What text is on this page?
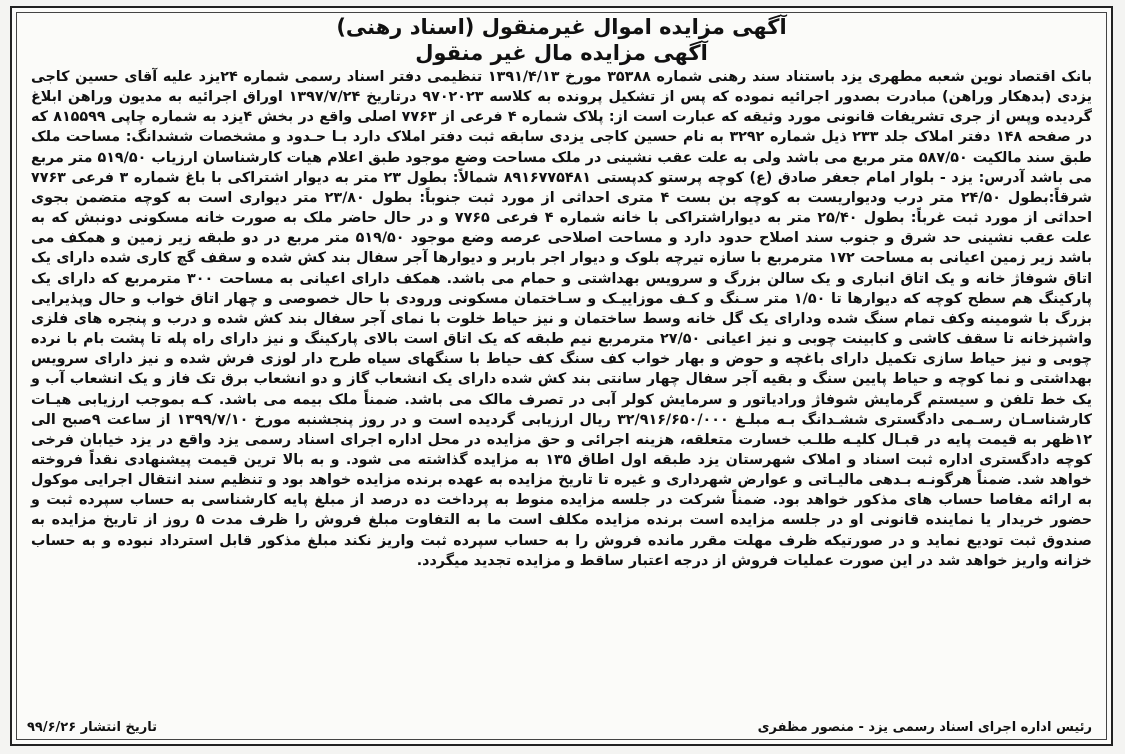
آگهی مزایده اموال غیرمنقول (اسناد رهنی)
آگهی مزایده مال غیر منقول

بانک اقتصاد نوین شعبه مطهری یزد باستناد سند رهنی شماره ۳۵۳۸۸ مورخ ۱۳۹۱/۴/۱۳ تنظیمی دفتر اسناد رسمی شماره ۲۴یزد علیه آقای حسین کاجی یزدی (بدهکار وراهن) مبادرت بصدور اجرائیه نموده که پس از تشکیل پرونده به کلاسه ۹۷۰۲۰۲۳ درتاریخ ۱۳۹۷/۷/۲۴ اوراق اجرائیه به مدیون وراهن ابلاغ گردیده وپس از جری تشریفات قانونی مورد وثیقه که عبارت است از: پلاک شماره ۴ فرعی از ۷۷۶۳ اصلی واقع در بخش ۴یزد به شماره چاپی ۸۱۵۵۹۹ که در صفحه ۱۴۸ دفتر املاک جلد ۲۳۳ ذیل شماره ۳۲۹۲ به نام حسین کاجی یزدی سابقه ثبت دفتر املاک دارد بـا حـدود و مشخصات ششدانگ: مساحت ملک طبق سند مالکیت ۵۸۷/۵۰ متر مربع می باشد ولی به علت عقب نشینی در ملک مساحت وضع موجود طبق اعلام هیات کارشناسان ارزیاب ۵۱۹/۵۰ متر مربع می باشد آدرس: یزد - بلوار امام جعفر صادق (ع) کوچه پرستو کدپستی ۸۹۱۶۷۷۵۴۸۱ شمالاً: بطول ۲۳ متر به دیوار اشتراکی با باغ شماره ۳ فرعی ۷۷۶۳ شرقاً:بطول ۲۴/۵۰ متر درب ودیواریست به کوچه بن بست ۴ متری احداثی از مورد ثبت جنوباً: بطول ۲۳/۸۰ متر دیواری است به کوچه متضمن بجوی احداثی از مورد ثبت غرباً: بطول ۲۵/۴۰ متر به دیواراشتراکی با خانه شماره ۴ فرعی ۷۷۶۵ و در حال حاضر ملک به صورت خانه مسکونی دونبش که به علت عقب نشینی حد شرق و جنوب سند اصلاح حدود دارد و مساحت اصلاحی عرصه وضع موجود ۵۱۹/۵۰ متر مربع در دو طبقه زیر زمین و همکف می باشد زیر زمین اعیانی به مساحت ۱۷۲ مترمربع با سازه تیرچه بلوک و دیوار اجر باربر و دیوارها آجر سفال بند کش شده و سقف گچ کاری شده دارای یک اتاق شوفاژ خانه و یک اتاق انباری و یک سالن بزرگ و سرویس بهداشتی و حمام می باشد. همکف دارای اعیانی به مساحت ۳۰۰ مترمربع که دارای یک پارکینگ هم سطح کوچه که دیوارها تا ۱/۵۰ متر سـنگ و کـف موزاییـک و سـاختمان مسکونی ورودی با حال خصوصی و چهار اتاق خواب و حال وپذیرایی بزرگ با شومینه وکف تمام سنگ شده ودارای یک گل خانه وسط ساختمان و نیز حیاط خلوت با نمای آجر سفال بند کش شده و درب و پنجره های فلزی واشپزخانه تا سقف کاشی و کابینت چوبی و نیز اعیانی ۲۷/۵۰ مترمربع نیم طبقه که یک اتاق است بالای پارکینگ و نیز دارای راه پله تا پشت بام با نرده چوبی و نیز حیاط سازی تکمیل دارای باغچه و حوض و بهار خواب کف سنگ کف حیاط با سنگهای سیاه طرح دار لوزی فرش شده و نیز دارای سرویس بهداشتی و نما کوچه و حیاط پایین سنگ و بقیه آجر سفال چهار سانتی بند کش شده دارای یک انشعاب گاز و دو انشعاب برق تک فاز و یک انشعاب آب و یک خط تلفن و سیستم گرمایش شوفاژ ورادیاتور و سرمایش کولر آبی در تصرف مالک می باشد. ضمناً ملک بیمه می باشد. کـه بموجب ارزیابی هیـات کارشناسـان رسـمی دادگستری ششـدانگ بـه مبلـغ ۳۲/۹۱۶/۶۵۰/۰۰۰ ریال ارزیابی گردیده است و در روز پنجشنبه مورخ ۱۳۹۹/۷/۱۰ از ساعت ۹صبح الی ۱۲ظهر به قیمت پایه در قبـال کلیـه طلـب خسارت متعلقه، هزینه اجرائی و حق مزایده در محل اداره اجرای اسناد رسمی یزد واقع در یزد خیابان فرخی کوچه دادگستری اداره ثبت اسناد و املاک شهرستان یزد طبقه اول اطاق ۱۳۵ به مزایده گذاشته می شود. و به بالا ترین قیمت پیشنهادی نقداً فروخته خواهد شد. ضمناً هرگونـه بـدهی مالیـاتی و عوارض شهرداری و غیره تا تاریخ مزایده به عهده برنده مزایده خواهد بود و تنظیم سند انتقال اجرایی موکول به ارائه مفاصا حساب های مذکور خواهد بود. ضمناً شرکت در جلسه مزایده منوط به پرداخت ده درصد از مبلغ پایه کارشناسی به حساب سپرده ثبت و حضور خریدار یا نماینده قانونی او در جلسه مزایده است برنده مزایده مکلف است ما به التفاوت مبلغ فروش را ظرف مدت ۵ روز از تاریخ مزایده به صندوق ثبت تودیع نماید و در صورتیکه ظرف مهلت مقرر مانده فروش را به حساب سپرده ثبت واریز نکند مبلغ مذکور قابل استرداد نبوده و به حساب خزانه واریز خواهد شد در این صورت عملیات فروش از درجه اعتبار ساقط و مزایده تجدید میگردد.

رئیس اداره اجرای اسناد رسمی یزد - منصور مظفری
تاریخ انتشار ۹۹/۶/۲۶
